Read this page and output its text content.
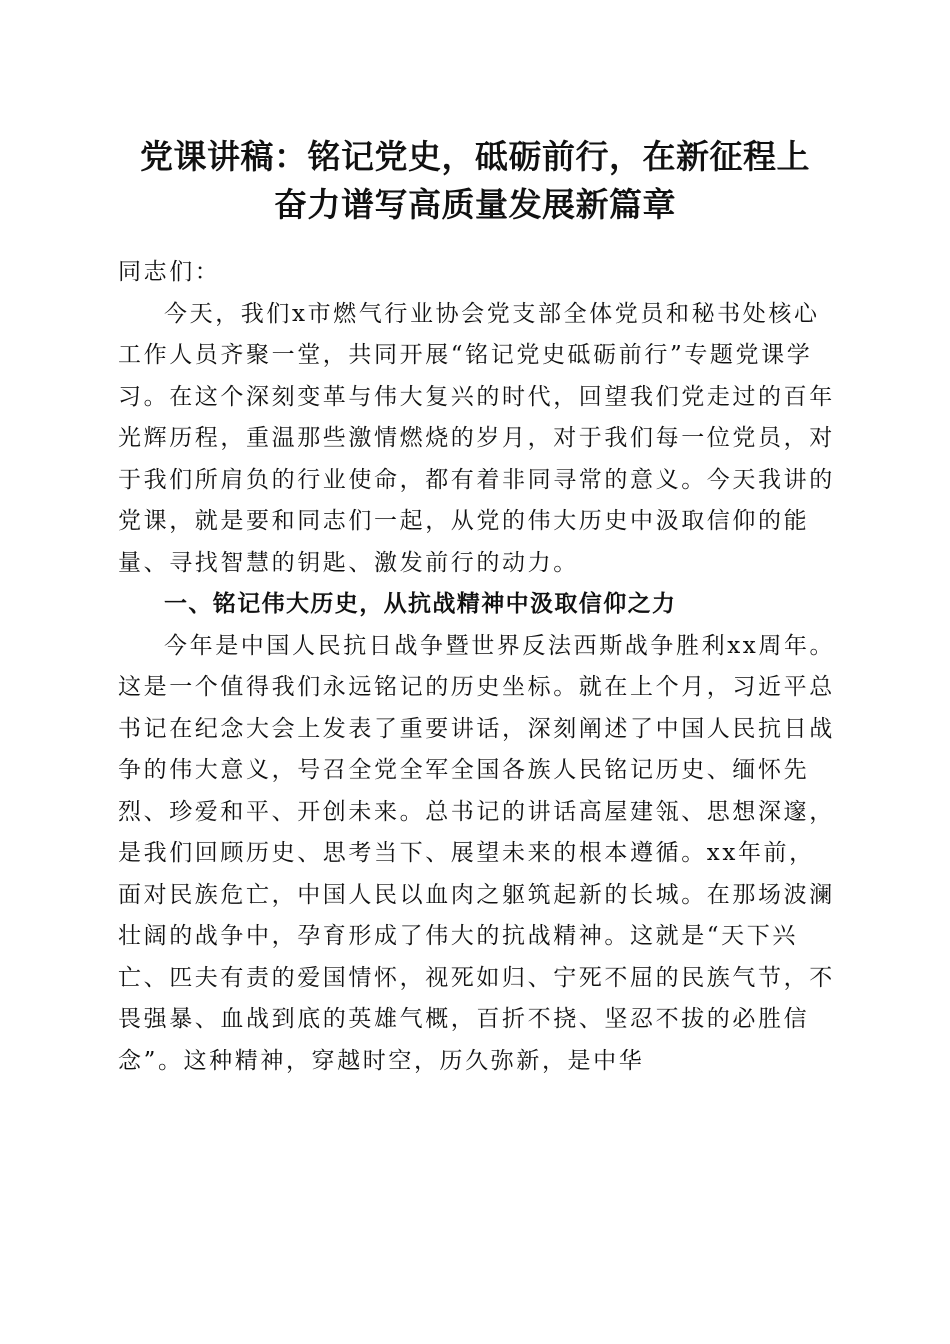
党课讲稿：铭记党史，砥砺前行，在新征程上
奋力谱写高质量发展新篇章

同志们：

今天，我们x市燃气行业协会党支部全体党员和秘书处核心工作人员齐聚一堂，共同开展“铭记党史砥砺前行”专题党课学习。在这个深刻变革与伟大复兴的时代，回望我们党走过的百年光辉历程，重温那些激情燃烧的岁月，对于我们每一位党员，对于我们所肩负的行业使命，都有着非同寻常的意义。今天我讲的党课，就是要和同志们一起，从党的伟大历史中汲取信仰的能量、寻找智慧的钥匙、激发前行的动力。

一、铭记伟大历史，从抗战精神中汲取信仰之力

今年是中国人民抗日战争暨世界反法西斯战争胜利xx周年。这是一个值得我们永远铭记的历史坐标。就在上个月，习近平总书记在纪念大会上发表了重要讲话，深刻阐述了中国人民抗日战争的伟大意义，号召全党全军全国各族人民铭记历史、缅怀先烈、珍爱和平、开创未来。总书记的讲话高屋建瓴、思想深邃，是我们回顾历史、思考当下、展望未来的根本遵循。xx年前，面对民族危亡，中国人民以血肉之躯筑起新的长城。在那场波澜壮阔的战争中，孕育形成了伟大的抗战精神。这就是“天下兴亡、匹夫有责的爱国情怀，视死如归、宁死不屈的民族气节，不畏强暴、血战到底的英雄气概，百折不挠、坚忍不拔的必胜信念”。这种精神，穿越时空，历久弥新，是中华
